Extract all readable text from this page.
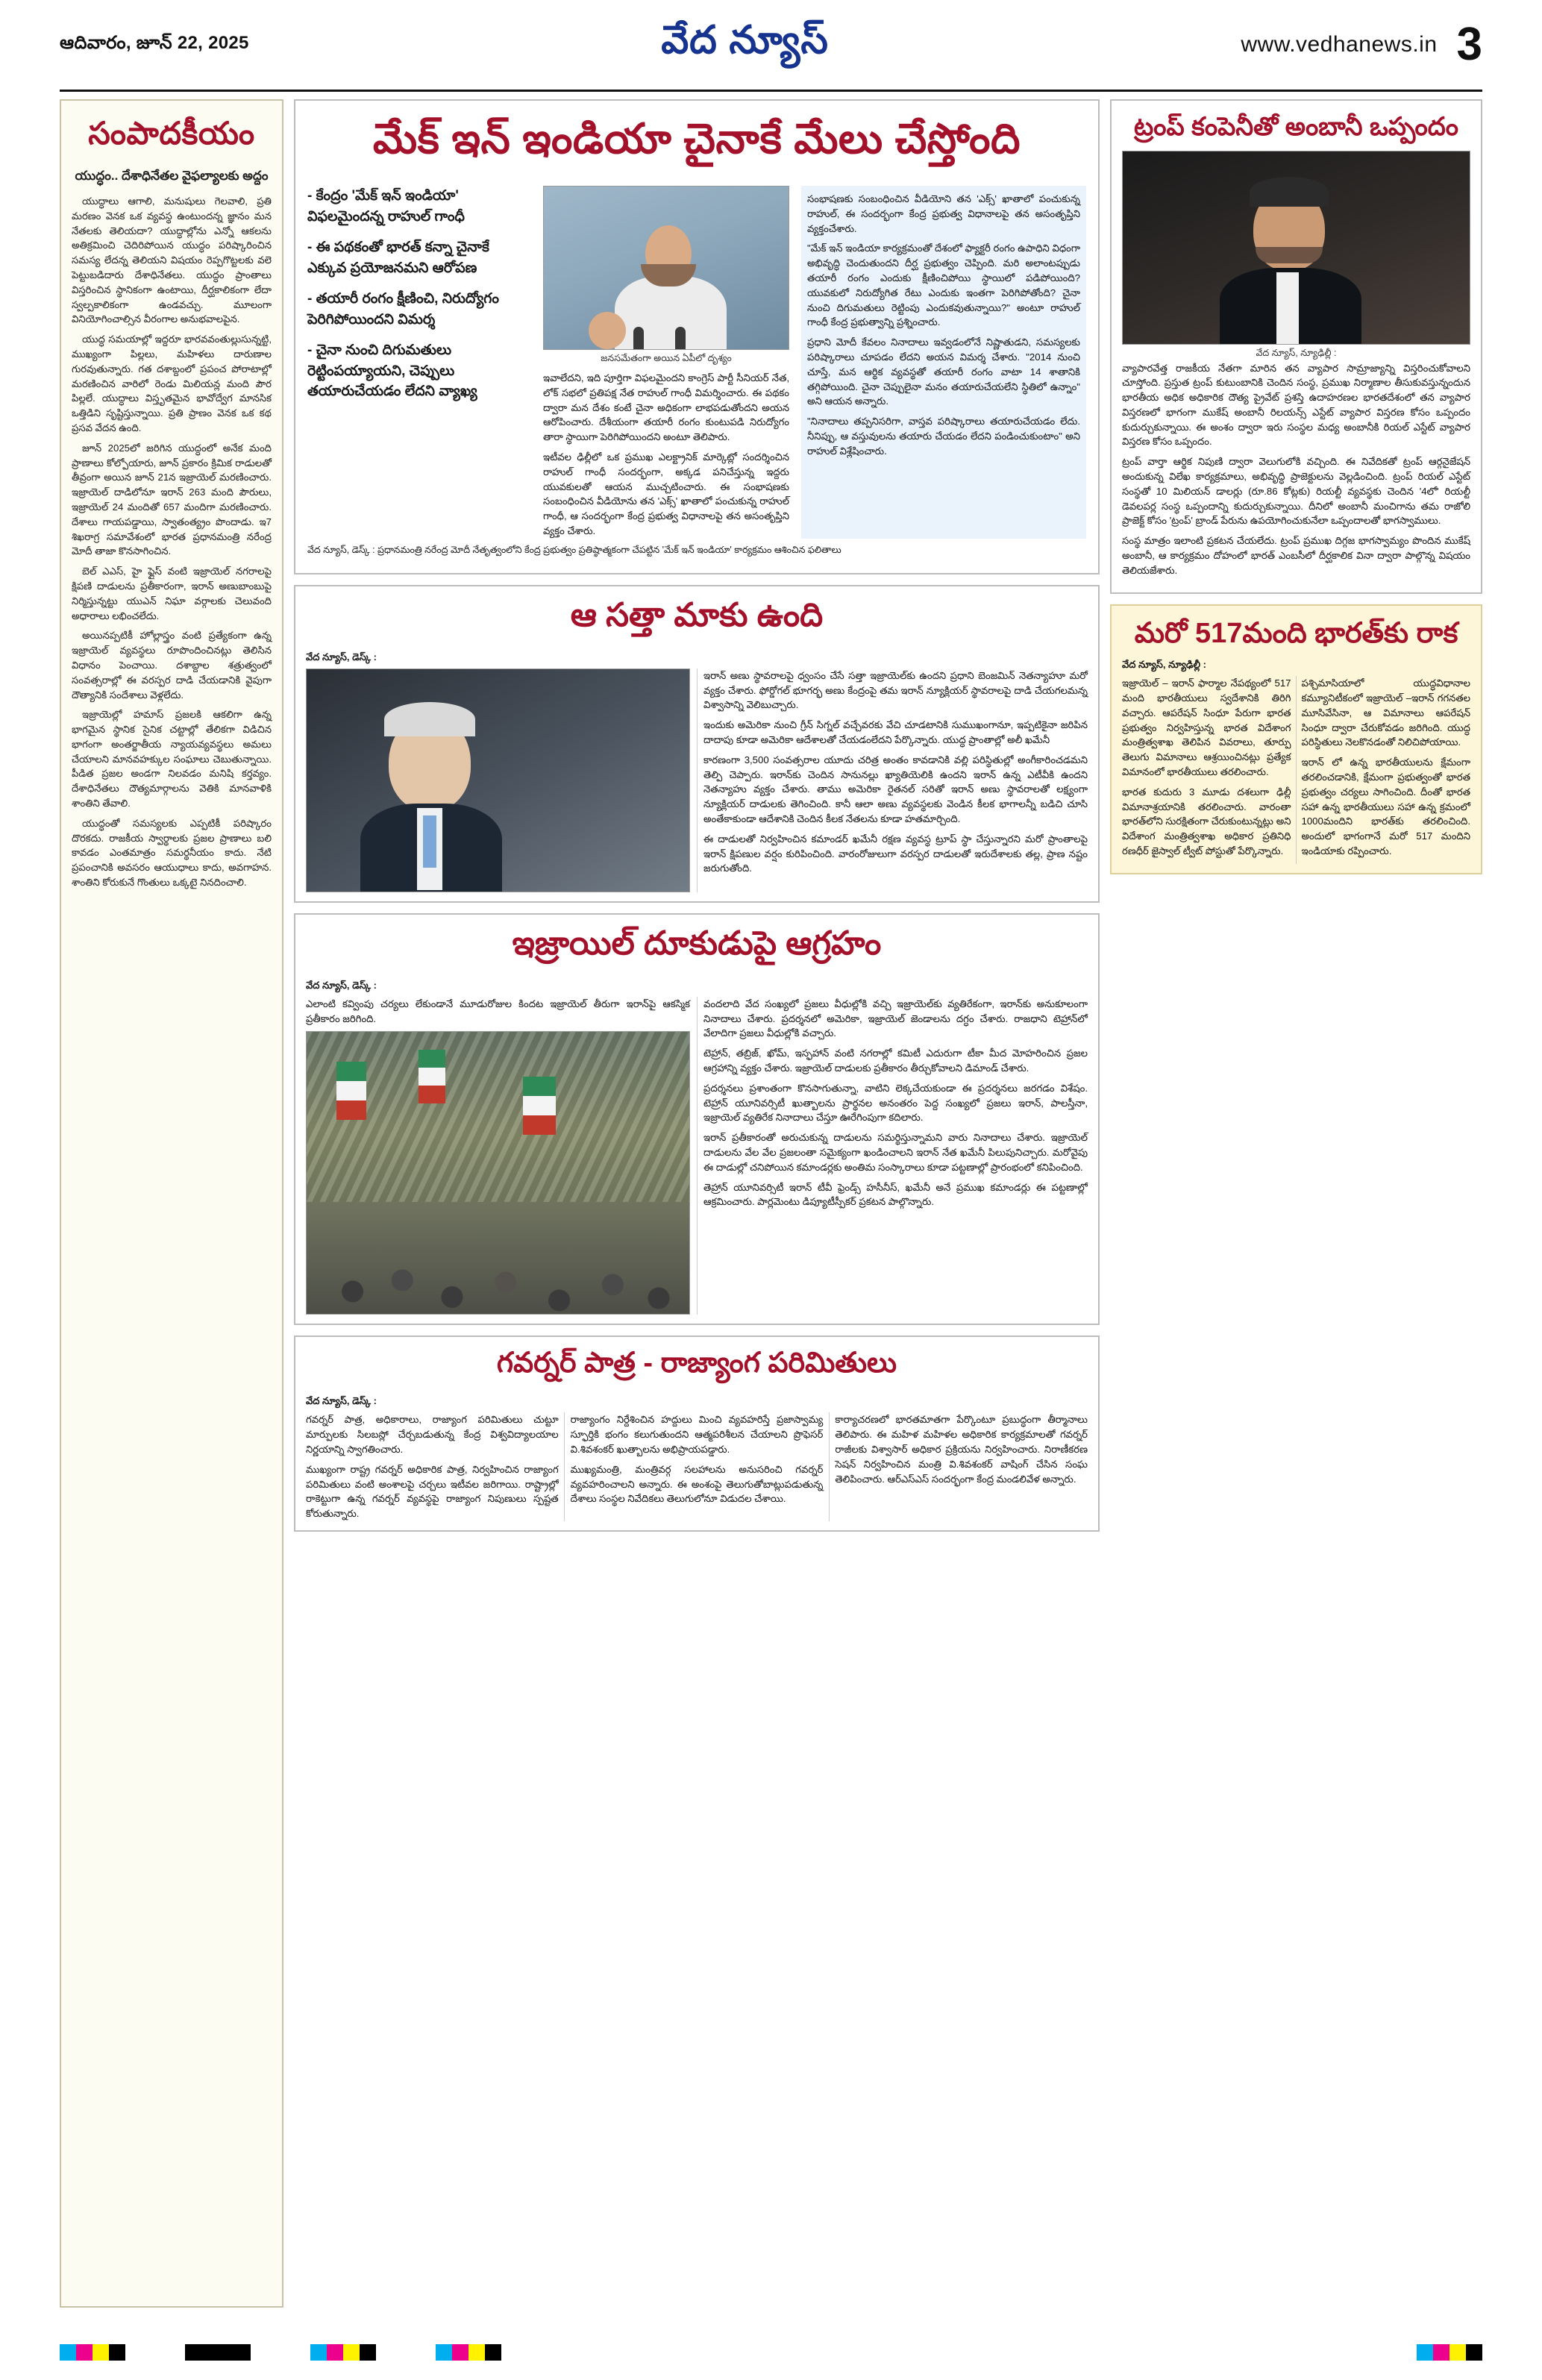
ఆదివారం, జూన్ 22, 2025	వేద న్యూస్	www.vedhanews.in 3
సంపాదకీయం
యుద్ధం.. దేశాధినేతల వైఫల్యాలకు అద్దం

యుద్ధాలు ఆగాలి, మనుషులు గెలవాలి, ప్రతి మరణం వెనక ఒక వ్యవస్థ ఉంటుందన్న జ్ఞానం మన నేతలకు తెలియదా? యుద్ధాల్లోను ఎన్నో ఆకలను అతిక్రమించి చెదిరిపోయిన యుద్ధం పరిష్కారించిన సమస్య లేదన్న తెలియని విషయం రెప్పగొట్టలకు వలె పెట్టుబడిదారు దేశాధినేతలు. యుద్ధం ప్రాంతాలు విస్తరించిన స్థానికంగా ఉంటాయి, దీర్ఘకాలికంగా లేదా స్వల్పకాలికంగా ఉండవచ్చు. మూలంగా వినియోగించాల్సిన వీరంగాల అనుభవాలపైన.

యుద్ధ సమయాల్లో ఇద్దరూ భారవవంతుల్లుసున్నట్టి, ముఖ్యంగా పిల్లలు, మహిళలు దారుణాల గురవుతున్నారు. గత దశాబ్దంలో ప్రపంచ పోరాటాల్లో మరణించిన వారిలో రెండు మిలియన్ల మంది పౌర పిల్లలే. యుద్ధాలు విస్తృతమైన భావోద్వేగ మానసిక ఒత్తిడిని సృష్టిస్తున్నాయి. ప్రతి ప్రాణం వెనక ఒక కథ ప్రసవ వేదన ఉంది.

జూన్ 2025లో జరిగిన యుద్ధంలో అనేక మంది ప్రాణాలు కోల్పోయారు, జూన్ ప్రకారం క్రిమిక రాడులతో తీవ్రంగా అయిన జూన్ 21న ఇజ్రాయెల్ మరణించారు. ఇజ్రాయెల్ దాడిలోనూ ఇరాన్ 263 మంది పౌరులు, ఇజ్రాయెల్ 24 మందితో 657 మందిగా మరణించారు. దేశాలు గాయపడ్డాయి, స్వాతంత్య్రం పొందాడు. ఇ7 శిఖరాగ్ర సమావేశంలో భారత ప్రధానమంత్రి నరేంద్ర మోదీ తాజా కొనసాగించిన.

బెల్ ఎఎస్, హై ఫ్లైస్ వంటి ఇజ్రాయెల్ నగరాలపై క్షిపణి దాడులను ప్రతీకారంగా, ఇరాన్ అణుబాంబుపై నిర్మిస్తున్నట్టు యుఎన్ నిఘా వర్గాలకు చెలువంది అధారాలు లభించలేదు.

అయినప్పటికీ హోల్లాస్త్రం వంటి ప్రత్యేకంగా ఉన్న ఇజ్రాయెల్ వ్యవస్థలు రూపొందించినట్లు తెలిసిన విధానం పెంచాయి. దశాబ్దాల శత్రుత్వంలో సంవత్సరాల్లో ఈ వరస్పర దాడి చేయడానికి వైపుగా దౌత్యానికి సందేశాలు వెళ్లలేదు.

ఇజ్రాయెల్లో హమాస్ ప్రజలకి ఆకలిగా ఉన్న భాగమైన స్థానిక సైనిక చట్టాల్లో తేలికగా విడిచిన భాగంగా అంతర్జాతీయ న్యాయవ్యవస్థలు అమలు చేయాలని మానవహక్కుల సంఘాలు చెబుతున్నాయి. పీడిత ప్రజల అండగా నిలవడం మనిషి కర్తవ్యం. దేశాధినేతలు దౌత్యమార్గాలను వెతికి మానవాళికి శాంతిని తేవాలి.

యుద్ధంతో సమస్యలకు ఎప్పటికీ పరిష్కారం దొరకదు. రాజకీయ స్వార్థాలకు ప్రజల ప్రాణాలు బలి కావడం ఎంతమాత్రం సమర్థనీయం కాదు. నేటి ప్రపంచానికి అవసరం ఆయుధాలు కాదు, అవగాహన. శాంతిని కోరుకునే గొంతులు ఒక్కటై నినదించాలి.

మేక్ ఇన్ ఇండియా చైనాకే మేలు చేస్తోంది
- కేంద్రం 'మేక్ ఇన్ ఇండియా' విఫలమైందన్న రాహుల్ గాంధీ
- ఈ పథకంతో భారత్ కన్నా చైనాకే ఎక్కువ ప్రయోజనమని ఆరోపణ
- తయారీ రంగం క్షీణించి, నిరుద్యోగం పెరిగిపోయిందని విమర్శ
- చైనా నుంచి దిగుమతులు రెట్టింపయ్యాయని, చెప్పులు తయారుచేయడం లేదని వ్యాఖ్య
జనసమేతంగా అయిన ఏపీలో దృశ్యం

ఇవాలేదని, ఇది పూర్తిగా విఫలమైందని కాంగ్రెస్ పార్టీ సీనియర్ నేత, లోక్ సభలో ప్రతిపక్ష నేత రాహుల్ గాంధీ విమర్శించారు. ఈ పథకం ద్వారా మన దేశం కంటే చైనా అధికంగా లాభపడుతోందని అయన ఆరోపించారు. దేశీయంగా తయారీ రంగం కుంటుపడి నిరుద్యోగం తారా స్థాయిగా పెరిగిపోయిందని అంటూ తెలిపారు.

ఇటీవల ఢిల్లీలో ఒక ప్రముఖ ఎలక్ట్రానిక్ మార్కెట్లో సందర్శించిన రాహుల్ గాంధీ సందర్భంగా, అక్కడ పనిచేస్తున్న ఇద్దరు యువకులతో ఆయన ముచ్చటించారు. ఈ సంభాషణకు సంబంధించిన వీడియోను తన 'ఎక్స్' ఖాతాలో పంచుకున్న రాహుల్ గాంధీ, ఆ సందర్భంగా కేంద్ర ప్రభుత్వ విధానాలపై తన అసంతృప్తిని వ్యక్తం చేశారు.

సంభాషణకు సంబంధించిన వీడియోని తన 'ఎక్స్' ఖాతాలో పంచుకున్న రాహుల్, ఈ సందర్భంగా కేంద్ర ప్రభుత్వ విధానాలపై తన అసంతృప్తిని వ్యక్తంచేశారు.

"మేక్ ఇన్ ఇండియా కార్యక్రమంతో దేశంలో ఫ్యాక్టరీ రంగం ఉపాధిని విధంగా అభివృద్ధి చెందుతుందని దీర్ఘ ప్రభుత్వం చెప్పింది. మరి అలాంటప్పుడు తయారీ రంగం ఎందుకు క్షీణించిపోయి స్థాయిలో పడిపోయింది? యువకులో నిరుద్యోగిత రేటు ఎందుకు ఇంతగా పెరిగిపోతోంది? చైనా నుంచి దిగుమతులు రెట్టింపు ఎందుకవుతున్నాయి?" అంటూ రాహుల్ గాంధీ కేంద్ర ప్రభుత్వాన్ని ప్రశ్నించారు.

ప్రధాని మోదీ కేవలం నినాదాలు ఇవ్వడంలోనే నిష్ణాతుడని, సమస్యలకు పరిష్కారాలు చూపడం లేదని అయన విమర్శ చేశారు. "2014 నుంచి చూస్తే, మన ఆర్థిక వ్యవస్థతో తయారీ రంగం వాటా 14 శాతానికి తగ్గిపోయింది. చైనా చెప్పులైనా మనం తయారుచేయలేని స్థితిలో ఉన్నాం" అని ఆయన అన్నారు.

"నినాదాలు తప్పనిసరిగా, వాస్తవ పరిష్కారాలు తయారుచేయడం లేదు. నీనిప్పు, ఆ వస్తువులను తయారు చేయడం లేదని పండించుకుంటాం" అని రాహుల్ విశ్లేషించారు.

వేద న్యూస్, డెస్క్ : ప్రధానమంత్రి నరేంద్ర మోదీ నేతృత్వంలోని కేంద్ర ప్రభుత్వం ప్రతిష్ఠాత్మకంగా చేపట్టిన 'మేక్ ఇన్ ఇండియా' కార్యక్రమం ఆశించిన ఫలితాలు
ఆ సత్తా మాకు ఉంది
వేద న్యూస్, డెస్క్ :

ఇరాన్ అణు స్థావరాలపై ధ్వంసం చేసే సత్తా ఇజ్రాయెల్‌కు ఉందని ప్రధాని బెంజమిన్ నెతన్యాహూ మరో వ్యక్తం చేశారు. ఫోర్డోగల్ భూగర్భ అణు కేంద్రంపై తమ ఇరాన్ న్యూక్లియర్ స్థావరాలపై దాడి చేయగలమన్న విశ్వాసాన్ని వెలిబుచ్చారు.

ఇందుకు అమెరికా నుంచి గ్రీన్ సిగ్నల్ వచ్చేవరకు వేచి చూడటానికి సుముఖంగానూ, ఇప్పటికైనా జరిపిన దాదాపు కూడా అమెరికా ఆదేశాలతో చేయడంలేదని పేర్కొన్నారు. యుద్ధ ప్రాంతాల్లో అలీ ఖమేనీ

కారణంగా 3,500 సంవత్సరాల యూదు చరిత్ర అంతం కావడానికి వల్లి పరిస్థితుల్లో అంగీకారించడమని తెల్పి చెప్పారు. ఇరాన్‌కు చెందిన సానునల్లు ఖ్యాతియెలికి ఉందని ఇరాన్ ఉన్న ఎటీవీకి ఉందని నెతన్యాహు వ్యక్తం చేశారు. తాము అమెరికా రైతనల్ సరితో ఇరాన్ అణు స్థావరాలతో లక్ష్యంగా న్యూక్లియర్ దాడులకు తెగించింది. కానీ ఆలా అణు వ్యవస్థలకు వెండిన కీలక భాగాలన్నీ బడిచి చూసి అంతేకాకుండా ఆదేశానికి చెందిన కీలక నేతలను కూడా హతమార్చింది.

ఈ దాడులతో నిర్వహించిన కమాండర్ ఖమేనీ రక్షణ వ్యవస్థ ట్రూప్ స్థా చేస్తున్నారని మరో ప్రాంతాలపై ఇరాన్ క్షిపణుల వర్షం కురిపించింది. వారంరోజులుగా వరస్పర దాడులతో ఇరుదేశాలకు తల్ల, ప్రాణ నష్టం జరుగుతోంది.

ఇజ్రాయిల్ దూకుడుపై ఆగ్రహం
వేద న్యూస్, డెస్క్ :

ఎలాంటి కవ్వింపు చర్యలు లేకుండానే మూడురోజుల కిందట ఇజ్రాయెల్ తీరుగా ఇరాన్‌పై ఆకస్మిక ప్రతీకారం జరిగింది.

వందలాది వేద సంఖ్యలో ప్రజలు వీధుల్లోకి వచ్చి ఇజ్రాయెల్‌కు వ్యతిరేకంగా, ఇరాన్‌కు అనుకూలంగా నినాదాలు చేశారు. ప్రదర్శనలో అమెరికా, ఇజ్రాయెల్ జెండాలను దగ్ధం చేశారు. రాజధాని టెహ్రాన్‌లో వేలాదిగా ప్రజలు వీధుల్లోకి వచ్చారు.

టెహ్రాన్, తబ్రిజ్, ఖోమ్, ఇస్ఫహాన్ వంటి నగరాల్లో కమిటీ ఎదురుగా టీకా మీద మోహరించిన ప్రజల ఆగ్రహాన్ని వ్యక్తం చేశారు. ఇజ్రాయెల్ దాడులకు ప్రతీకారం తీర్చుకోవాలని డిమాండ్ చేశారు.

ప్రదర్శనలు ప్రశాంతంగా కొనసాగుతున్నా, వాటిని లెక్కచేయకుండా ఈ ప్రదర్శనలు జరగడం విశేషం. టెహ్రాన్ యూనివర్సిటీ ఖుత్బాలను ప్రార్థనల అనంతరం పెద్ద సంఖ్యలో ప్రజలు ఇరాన్, పాలస్తీనా, ఇజ్రాయెల్ వ్యతిరేక నినాదాలు చేస్తూ ఊరేగింపుగా కదిలారు.

ఇరాన్ ప్రతీకారంతో అరుచుకున్న దాడులను సమర్థిస్తున్నామని వారు నినాదాలు చేశారు. ఇజ్రాయెల్ దాడులను వేల వేల ప్రజలంతా సమైక్యంగా ఖండించాలని ఇరాన్ నేత ఖమేనీ పిలుపునిచ్చారు. మరోవైపు ఈ దాడుల్లో చనిపోయిన కమాండర్లకు అంతిమ సంస్కారాలు కూడా పట్టణాల్లో ప్రారంభంలో కనిపించింది.

తెహ్రాన్ యూనివర్సిటీ ఇరాన్ టీవీ ఫ్రెండ్స్ హసీనీస్, ఖమేనీ అనే ప్రముఖ కమాండర్లు ఈ పట్టణాల్లో ఆక్రమించారు. పార్లమెంటు డిప్యూటీస్పీకర్ ప్రకటన పాల్గొన్నారు.

గవర్నర్ పాత్ర - రాజ్యాంగ పరిమితులు
వేద న్యూస్, డెస్క్ :

గవర్నర్ పాత్ర, అధికారాలు, రాజ్యాంగ పరిమితులు చుట్టూ మార్పులకు సిలబస్లో చేర్చబడుతున్న కేంద్ర విశ్వవిద్యాలయాల నిర్ణయాన్ని స్వాగతించారు.

ముఖ్యంగా రాష్ట్ర గవర్నర్ అధికారిక పాత్ర, నిర్వహించిన రాజ్యాంగ పరిమితులు వంటి అంశాలపై చర్చలు ఇటీవల జరిగాయి. రాష్ట్రాల్లో రాకెట్టుగా ఉన్న గవర్నర్ వ్యవస్థపై రాజ్యాంగ నిపుణులు స్పష్టత కోరుతున్నారు.

రాజ్యాంగం నిర్దేశించిన హద్దులు మించి వ్యవహరిస్తే ప్రజాస్వామ్య స్ఫూర్తికి భంగం కలుగుతుందని ఆత్మపరిశీలన చేయాలని ప్రొఫెసర్ వి.శివశంకర్ ఖుత్బాలను అభిప్రాయపడ్డారు.

ముఖ్యమంత్రి, మంత్రివర్గ సలహాలను అనుసరించి గవర్నర్ వ్యవహరించాలని అన్నారు. ఈ అంశంపై తెలుగుతోబాట్లుపడుతున్న దేశాలు సంస్థల నివేదికలు తెలుగులోనూ విడుదల చేశాయి.

కార్యాచరణలో భారతమాతగా పేర్కొంటూ ప్రబుద్ధంగా తీర్మానాలు తెలిపారు. ఈ మహిళ మహిళల అధికారిక కార్యక్రమాలతో గవర్నర్ రాజీలకు విశ్వాసార్ అధికార ప్రక్రియను నిర్వహించారు. నిరాణీకరణ సెషన్ నిర్వహించిన మంత్రి వి.శివశంకర్ వాషింగ్ చేసిన సంఘ తెలిపించారు. ఆర్ఎస్ఎస్ సందర్భంగా కేంద్ర మండలివేళ అన్నారు.

ట్రంప్ కంపెనీతో అంబానీ ఒప్పందం
వేద న్యూస్, న్యూఢిల్లీ :

వ్యాపారవేత్త రాజకీయ నేతగా మారిన తన వ్యాపార సామ్రాజ్యాన్ని విస్తరించుకోవాలని చూస్తోంది. ప్రస్తుత ట్రంప్ కుటుంబానికి చెందిన సంస్థ, ప్రముఖ నిర్మాణాల తీసుకువస్తున్నందున భారతీయ అధిక అధికారిక దౌత్య ప్రైవేట్ ప్రశస్తి ఉదాహరణల భారతదేశంలో తన వ్యాపార విస్తరణలో భాగంగా ముకేష్ అంబానీ రిలయన్స్ ఎస్టేట్ వ్యాపార విస్తరణ కోసం ఒప్పందం కుదుర్చుకున్నాయి. ఈ అంశం ద్వారా ఇరు సంస్థల మధ్య అంబానీకి రియల్ ఎస్టేట్ వ్యాపార విస్తరణ కోసం ఒప్పందం.

ట్రంప్ వార్తా ఆర్థిక నిపుణి ద్వారా వెలుగులోకి వచ్చింది. ఈ నివేదికతో ట్రంప్ ఆర్గనైజేషన్ అందుకున్న విలేఖ కార్యక్రమాలు, అభివృద్ధి ప్రాజెక్టులను వెల్లడించింది. ట్రంప్ రియల్ ఎస్టేట్ సంస్థతో 10 మిలియన్ డాలర్లు (రూ.86 కోట్లకు) రియల్టీ వ్యవస్థకు చెందిన '4లో' రియల్టీ డెవలపర్ల సంస్థ ఒప్పందాన్ని కుదుర్చుకున్నాయి. దీనిలో అంబానీ మంచిగాను తమ రాజోలి ప్రాజెక్ట్ కోసం 'ట్రంప్' బ్రాండ్ పేరును ఉపయోగించుకునేలా ఒప్పందాలతో భాగస్వాములు.

సంస్థ మాత్రం ఇలాంటి ప్రకటన చేయలేదు. ట్రంప్ ప్రముఖ దిగ్గజ భాగస్వామ్యం పొందిన ముకేష్ అంబానీ, ఆ కార్యక్రమం దోహంలో భారత్ ఎంబసీలో దీర్ఘకాలిక వినా ద్వారా పాల్గొన్న విషయం తెలియజేశారు.

మరో 517మంది భారత్‌కు రాక
వేద న్యూస్, న్యూఢిల్లీ :

ఇజ్రాయెల్ – ఇరాన్ ఫార్మాల నేపథ్యంలో 517 మంది భారతీయులు స్వదేశానికి తిరిగి వచ్చారు. ఆపరేషన్ సింధూ పేరుగా భారత ప్రభుత్వం నిర్వహిస్తున్న భారత విదేశాంగ మంత్రిత్వశాఖ తెలిపిన వివరాలు, తూర్పు తెలుగు విమానాలు ఆశ్రయించినట్లు ప్రత్యేక విమానంలో భారతీయులు తరలించారు.

భారత కుదురు 3 మూడు దశలుగా ఢిల్లీ విమానాశ్రయానికి తరలించారు. వారంతా భారత్‌లోని సురక్షితంగా చేరుకుంటున్నట్లు అని విదేశాంగ మంత్రిత్వశాఖ అధికార ప్రతినిధి రణధీర్ జైస్వాల్ ట్వీట్ పోస్టుతో పేర్కొన్నారు.

పశ్చిమాసియాలో యుద్ధవిధానాల కమ్యూనిటీకంలో ఇజ్రాయెల్ –ఇరాన్ గగనతల మూసివేసినా, ఆ విమానాలు ఆపరేషన్ సింధూ ద్వారా చేరుకోవడం జరిగింది. యుద్ధ పరిస్థితులు నెలకొనడంతో నిలిచిపోయాయి.

ఇరాన్ లో ఉన్న భారతీయులను క్షేమంగా తరలించడానికి, క్షేమంగా ప్రభుత్వంతో భారత ప్రభుత్వం చర్యలు సాగించింది. దీంతో భారత సహా ఉన్న భారతీయులు సహా ఉన్న క్రమంలో 1000మందిని భారత్‌కు తరలించింది. అందులో భాగంగానే మరో 517 మందిని ఇండియాకు రప్పించారు.
